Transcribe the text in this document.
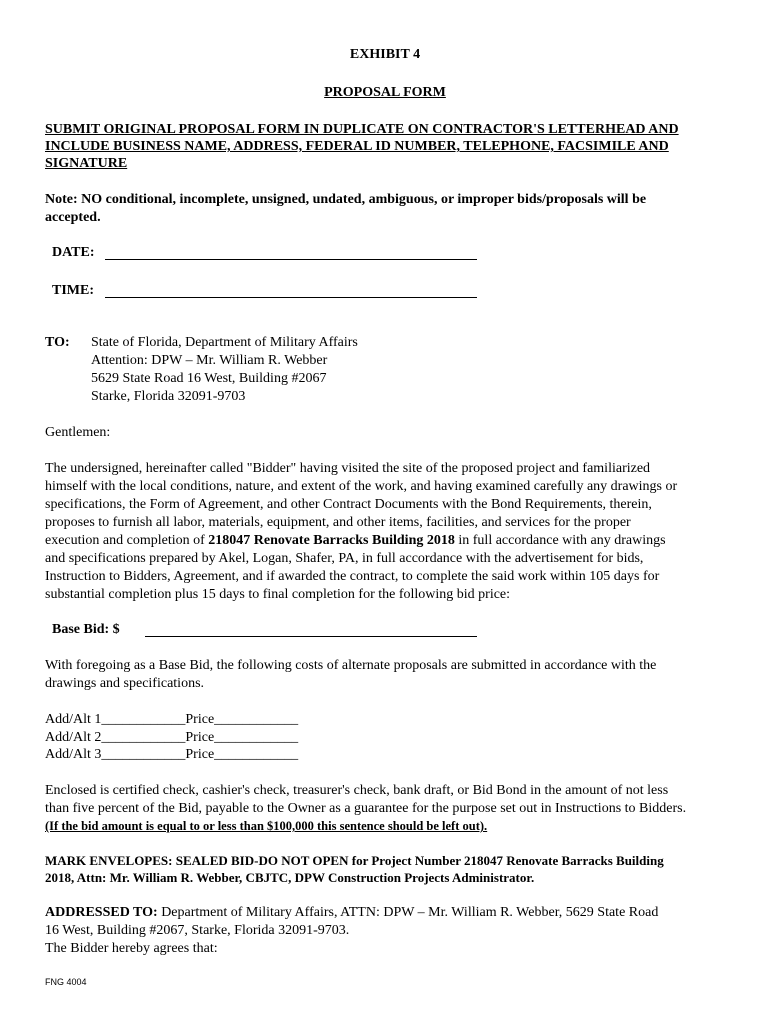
EXHIBIT 4
PROPOSAL FORM
SUBMIT ORIGINAL PROPOSAL FORM IN DUPLICATE ON CONTRACTOR'S LETTERHEAD AND
INCLUDE BUSINESS NAME, ADDRESS, FEDERAL ID NUMBER, TELEPHONE, FACSIMILE AND
SIGNATURE
Note: NO conditional, incomplete, unsigned, undated, ambiguous, or improper bids/proposals will be
accepted.
DATE:
TIME:
TO: State of Florida, Department of Military Affairs
Attention: DPW – Mr. William R. Webber
5629 State Road 16 West, Building #2067
Starke, Florida 32091-9703
Gentlemen:
The undersigned, hereinafter called "Bidder" having visited the site of the proposed project and familiarized
himself with the local conditions, nature, and extent of the work, and having examined carefully any drawings or
specifications, the Form of Agreement, and other Contract Documents with the Bond Requirements, therein,
proposes to furnish all labor, materials, equipment, and other items, facilities, and services for the proper
execution and completion of 218047 Renovate Barracks Building 2018 in full accordance with any drawings
and specifications prepared by Akel, Logan, Shafer, PA, in full accordance with the advertisement for bids,
Instruction to Bidders, Agreement, and if awarded the contract, to complete the said work within 105 days for
substantial completion plus 15 days to final completion for the following bid price:
Base Bid: $
With foregoing as a Base Bid, the following costs of alternate proposals are submitted in accordance with the
drawings and specifications.
Add/Alt 1____________Price____________
Add/Alt 2____________Price____________
Add/Alt 3____________Price____________
Enclosed is certified check, cashier's check, treasurer's check, bank draft, or Bid Bond in the amount of not less
than five percent of the Bid, payable to the Owner as a guarantee for the purpose set out in Instructions to Bidders.
(If the bid amount is equal to or less than $100,000 this sentence should be left out).
MARK ENVELOPES: SEALED BID-DO NOT OPEN for Project Number 218047 Renovate Barracks Building
2018, Attn: Mr. William R. Webber, CBJTC, DPW Construction Projects Administrator.
ADDRESSED TO: Department of Military Affairs, ATTN: DPW – Mr. William R. Webber, 5629 State Road
16 West, Building #2067, Starke, Florida 32091-9703.
The Bidder hereby agrees that:
FNG 4004
